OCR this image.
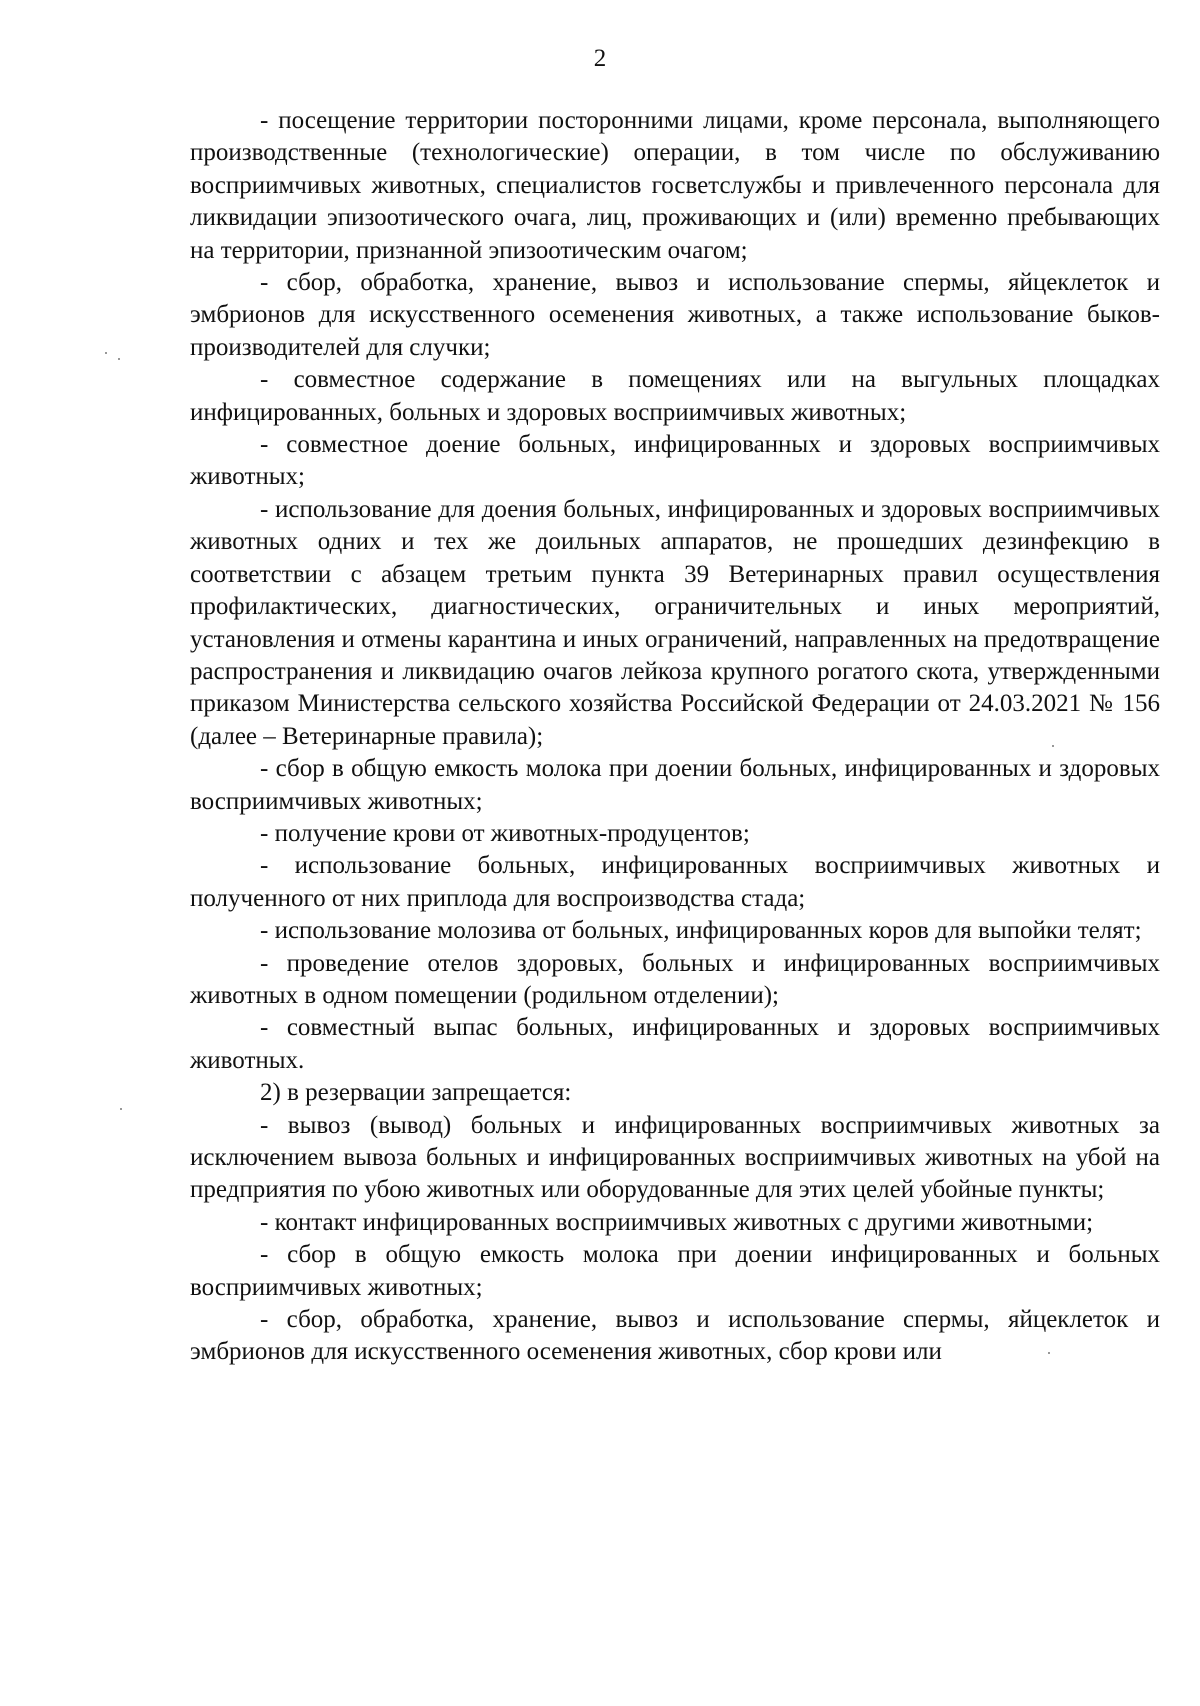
2

- посещение территории посторонними лицами, кроме персонала, выполняющего производственные (технологические) операции, в том числе по обслуживанию восприимчивых животных, специалистов госветслужбы и привлеченного персонала для ликвидации эпизоотического очага, лиц, проживающих и (или) временно пребывающих на территории, признанной эпизоотическим очагом;

- сбор, обработка, хранение, вывоз и использование спермы, яйцеклеток и эмбрионов для искусственного осеменения животных, а также использование быков-производителей для случки;

- совместное содержание в помещениях или на выгульных площадках инфицированных, больных и здоровых восприимчивых животных;

- совместное доение больных, инфицированных и здоровых восприимчивых животных;

- использование для доения больных, инфицированных и здоровых восприимчивых животных одних и тех же доильных аппаратов, не прошедших дезинфекцию в соответствии с абзацем третьим пункта 39 Ветеринарных правил осуществления профилактических, диагностических, ограничительных и иных мероприятий, установления и отмены карантина и иных ограничений, направленных на предотвращение распространения и ликвидацию очагов лейкоза крупного рогатого скота, утвержденными приказом Министерства сельского хозяйства Российской Федерации от 24.03.2021 № 156 (далее – Ветеринарные правила);

- сбор в общую емкость молока при доении больных, инфицированных и здоровых восприимчивых животных;

- получение крови от животных-продуцентов;

- использование больных, инфицированных восприимчивых животных и полученного от них приплода для воспроизводства стада;

- использование молозива от больных, инфицированных коров для выпойки телят;

- проведение отелов здоровых, больных и инфицированных восприимчивых животных в одном помещении (родильном отделении);

- совместный выпас больных, инфицированных и здоровых восприимчивых животных.

2) в резервации запрещается:

- вывоз (вывод) больных и инфицированных восприимчивых животных за исключением вывоза больных и инфицированных восприимчивых животных на убой на предприятия по убою животных или оборудованные для этих целей убойные пункты;

- контакт инфицированных восприимчивых животных с другими животными;

- сбор в общую емкость молока при доении инфицированных и больных восприимчивых животных;

- сбор, обработка, хранение, вывоз и использование спермы, яйцеклеток и эмбрионов для искусственного осеменения животных, сбор крови или
